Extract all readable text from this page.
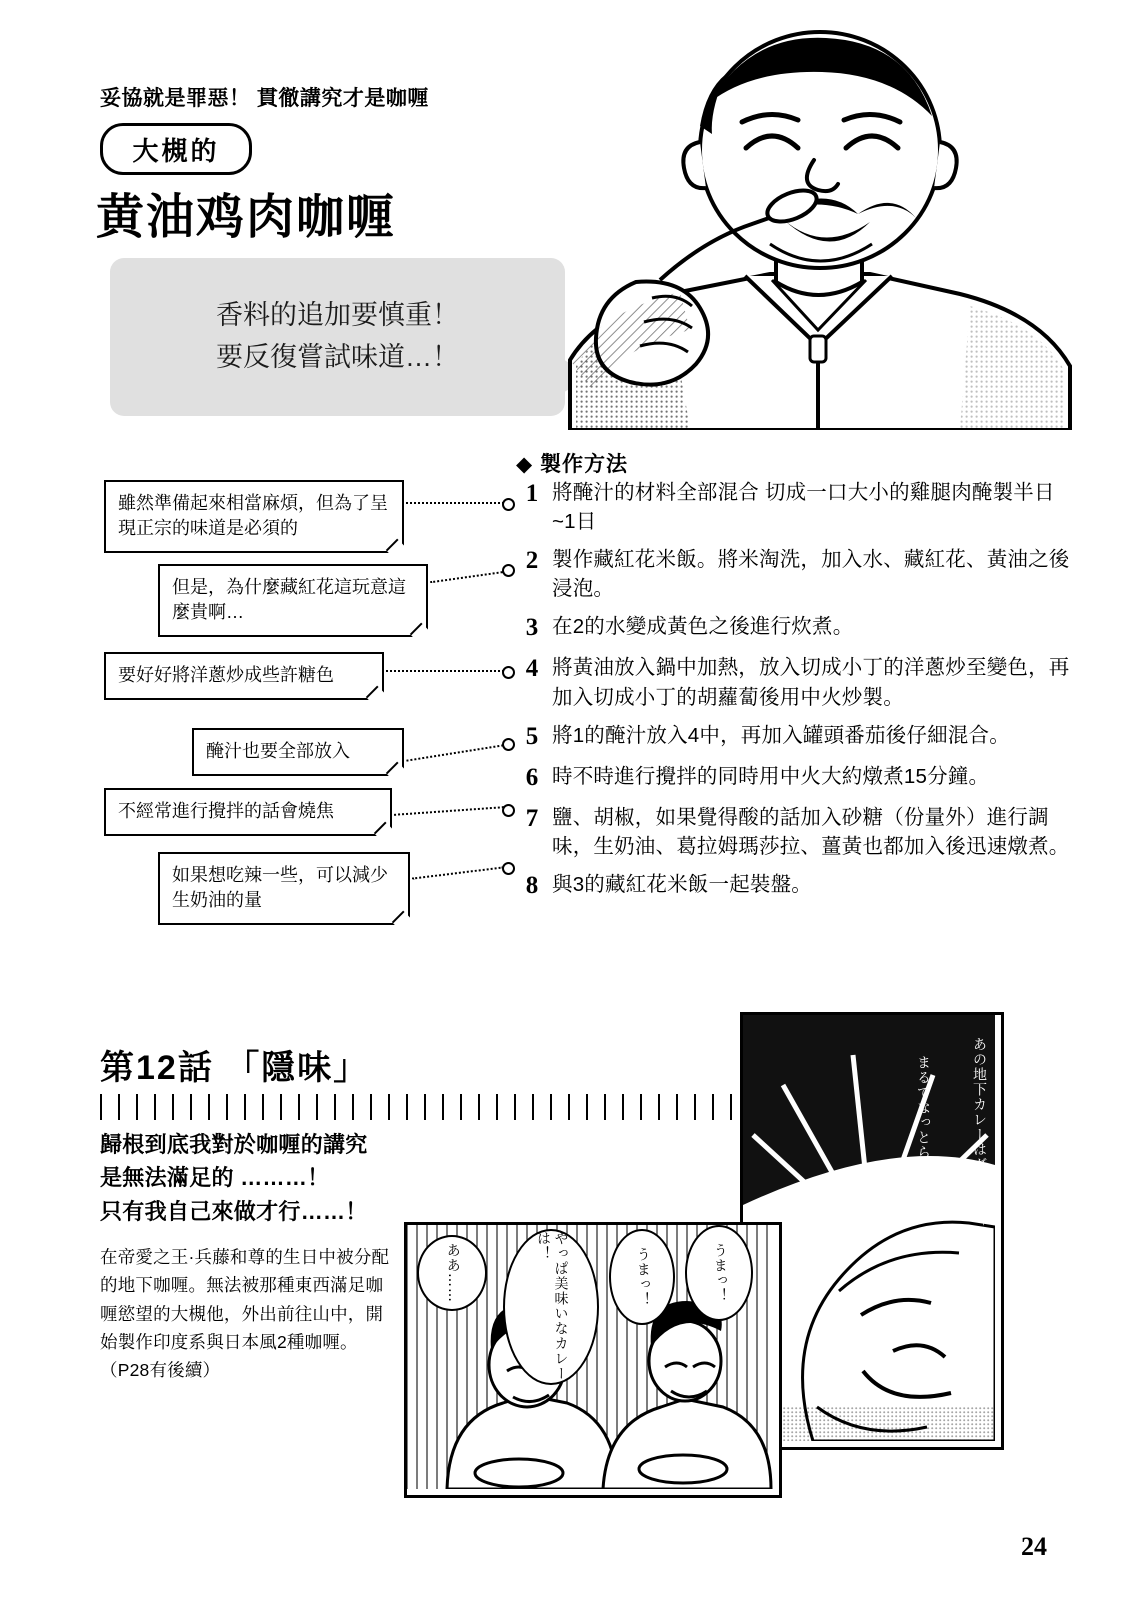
妥協就是罪惡！ 貫徹講究才是咖喱
大槻的
黄油鸡肉咖喱
香料的追加要慎重！
要反復嘗試味道…！
◆ 製作方法
1 將醃汁的材料全部混合 切成一口大小的雞腿肉醃製半日~1日
2 製作藏紅花米飯。將米淘洗，加入水、藏紅花、黃油之後浸泡。
3 在2的水變成黃色之後進行炊煮。
4 將黃油放入鍋中加熱，放入切成小丁的洋蔥炒至變色，再加入切成小丁的胡蘿蔔後用中火炒製。
5 將1的醃汁放入4中，再加入罐頭番茄後仔細混合。
6 時不時進行攪拌的同時用中火大約燉煮15分鐘。
7 鹽、胡椒，如果覺得酸的話加入砂糖（份量外）進行調味，生奶油、葛拉姆瑪莎拉、薑黃也都加入後迅速燉煮。
8 與3的藏紅花米飯一起裝盤。
雖然準備起來相當麻煩，但為了呈現正宗的味道是必須的
但是，為什麼藏紅花這玩意這麼貴啊…
要好好將洋蔥炒成些許糖色
醃汁也要全部放入
不經常進行攪拌的話會燒焦
如果想吃辣一些，可以減少生奶油的量
第12話 「隱味」
歸根到底我對於咖喱的講究
是無法滿足的 ………！
只有我自己來做才行……！
在帝愛之王·兵藤和尊的生日中被分配的地下咖喱。無法被那種東西滿足咖喱慾望的大槻他，外出前往山中，開始製作印度系與日本風2種咖喱。 （P28有後續）
あの地下カレーはダメ……！
まるでなっとらん……！
ああ……	やっぱ美味いなカレーは！
うまっ！	うまっ！
24
